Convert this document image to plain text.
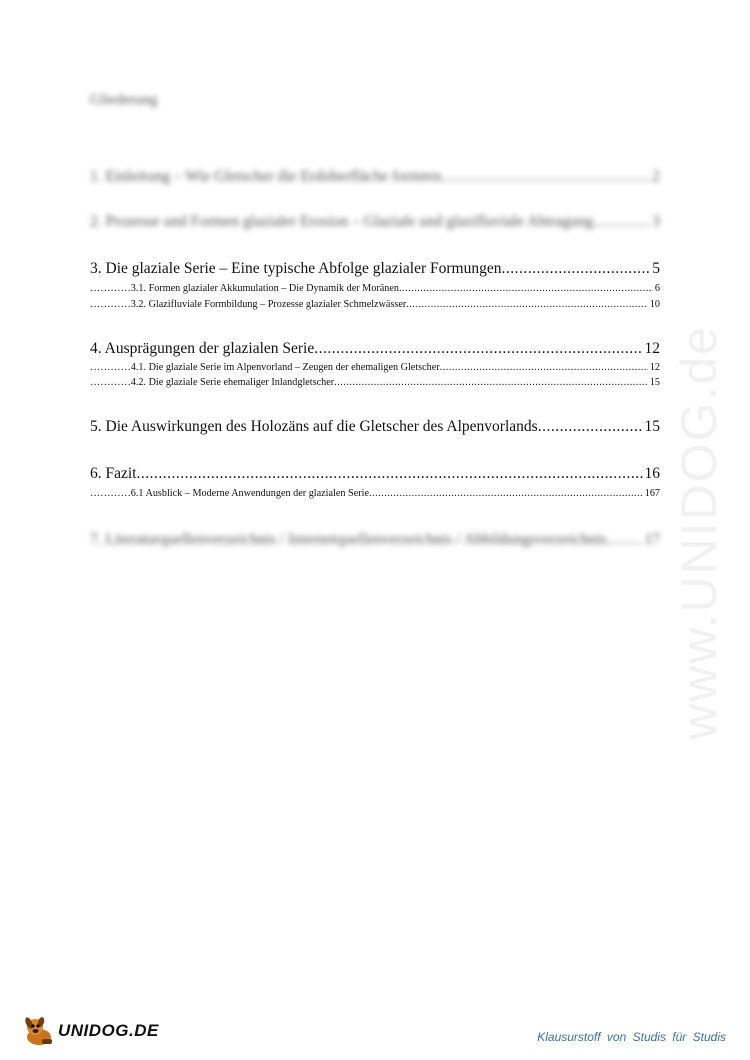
Gliederung
1. Einleitung – Wie Gletscher die Erdoberfläche formten .....	2
2. Prozesse und Formen glazialer Erosion – Glaziale und glazifluviale Abtragung .....	3
3. Die glaziale Serie – Eine typische Abfolge glazialer Formungen .....	5
………… 3.1. Formen glazialer Akkumulation – Die Dynamik der Moränen .....	6
………… 3.2. Glazifluviale Formbildung – Prozesse glazialer Schmelzwässer .....	10
4. Ausprägungen der glazialen Serie .....	12
………… 4.1. Die glaziale Serie im Alpenvorland – Zeugen der ehemaligen Gletscher .....	12
………… 4.2. Die glaziale Serie ehemaliger Inlandgletscher .....	15
5. Die Auswirkungen des Holozäns auf die Gletscher des Alpenvorlands .....	15
6. Fazit .....	16
………… 6.1 Ausblick – Moderne Anwendungen der glazialen Serie .....	167
7. Literaturquellenverzeichnis / Internetquellenverzeichnis / Abbildungsverzeichnis ..... 17 www.UNIDOG.de
UNIDOG.DE	Klausurstoff von Studis für Studis
